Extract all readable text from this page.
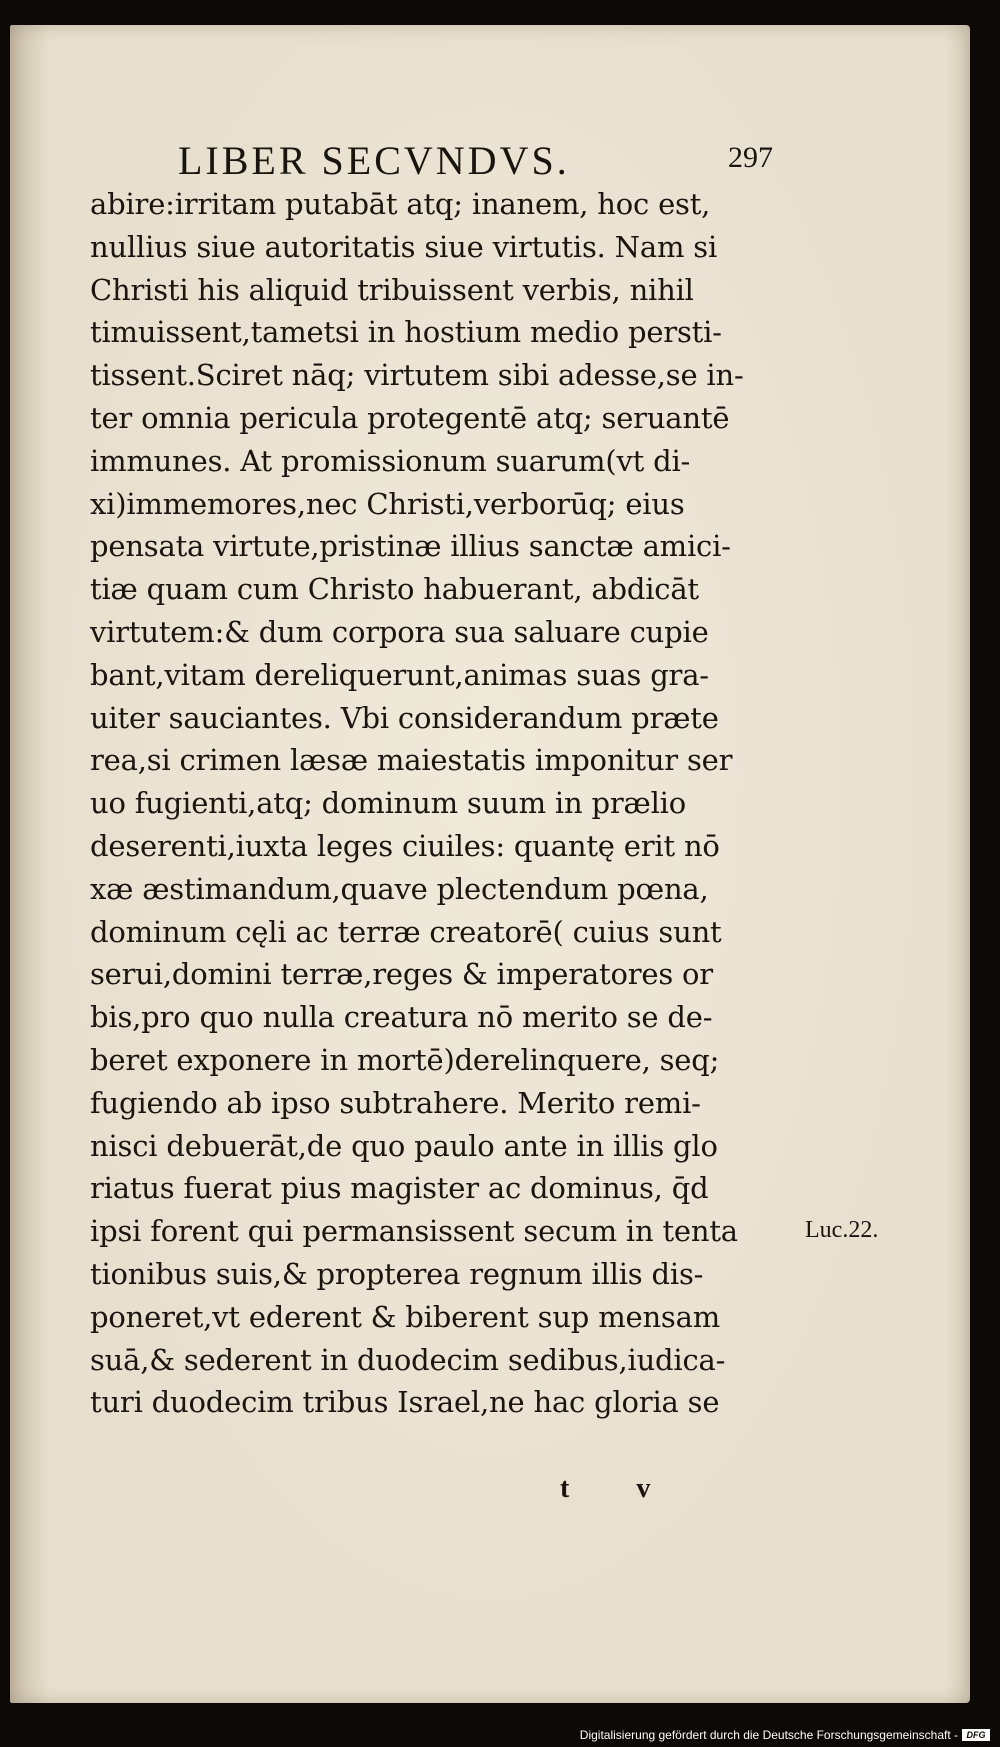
LIBER SECVNDVS.	297
abire:irritam putabāt atq; inanem, hoc est,
nullius siue autoritatis siue virtutis. Nam si
Christi his aliquid tribuissent verbis, nihil
timuissent,tametsi in hostium medio persti-
tissent.Sciret nāq; virtutem sibi adesse,se in-
ter omnia pericula protegentē atq; seruantē
immunes. At promissionum suarum(vt di-
xi)immemores,nec Christi,verborūq; eius
pensata virtute,pristinæ illius sanctæ amici-
tiæ quam cum Christo habuerant, abdicāt
virtutem:& dum corpora sua saluare cupie
bant,vitam dereliquerunt,animas suas gra-
uiter sauciantes. Vbi considerandum præte
rea,si crimen læsæ maiestatis imponitur ser
uo fugienti,atq; dominum suum in prælio
deserenti,iuxta leges ciuiles: quantę erit nō
xæ æstimandum,quave plectendum pœna,
dominum cęli ac terræ creatorē( cuius sunt
serui,domini terræ,reges & imperatores or
bis,pro quo nulla creatura nō merito se de-
beret exponere in mortē)derelinquere, seq;
fugiendo ab ipso subtrahere. Merito remi-
nisci debuerāt,de quo paulo ante in illis glo
riatus fuerat pius magister ac dominus, q̄d
ipsi forent qui permansissent secum in tenta
tionibus suis,& propterea regnum illis dis-
poneret,vt ederent & biberent sup mensam
suā,& sederent in duodecim sedibus,iudica-
turi duodecim tribus Israel,ne hac gloria se
Luc.22.
t v
Digitalisierung gefördert durch die Deutsche Forschungsgemeinschaft - DFG
